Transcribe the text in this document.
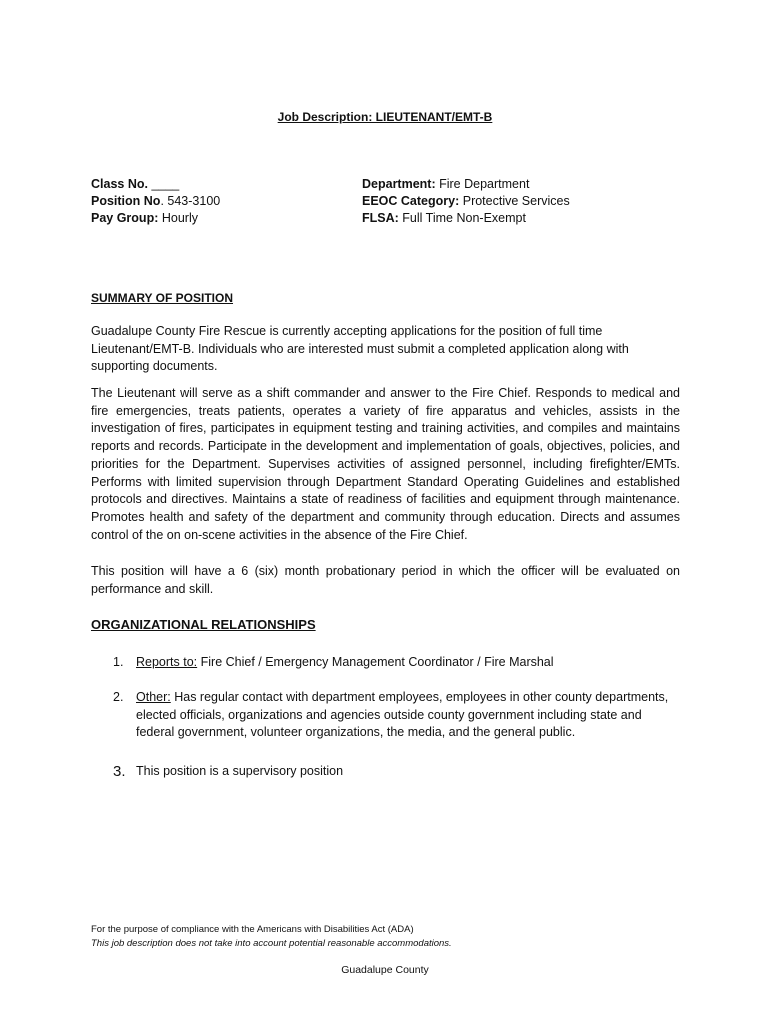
Job Description: LIEUTENANT/EMT-B
Class No. ____
Position No. 543-3100
Pay Group: Hourly
Department: Fire Department
EEOC Category: Protective Services
FLSA: Full Time Non-Exempt
SUMMARY OF POSITION
Guadalupe County Fire Rescue is currently accepting applications for the position of full time Lieutenant/EMT-B. Individuals who are interested must submit a completed application along with supporting documents.
The Lieutenant will serve as a shift commander and answer to the Fire Chief. Responds to medical and fire emergencies, treats patients, operates a variety of fire apparatus and vehicles, assists in the investigation of fires, participates in equipment testing and training activities, and compiles and maintains reports and records. Participate in the development and implementation of goals, objectives, policies, and priorities for the Department. Supervises activities of assigned personnel, including firefighter/EMTs. Performs with limited supervision through Department Standard Operating Guidelines and established protocols and directives. Maintains a state of readiness of facilities and equipment through maintenance. Promotes health and safety of the department and community through education. Directs and assumes control of the on on-scene activities in the absence of the Fire Chief.
This position will have a 6 (six) month probationary period in which the officer will be evaluated on performance and skill.
ORGANIZATIONAL RELATIONSHIPS
1. Reports to: Fire Chief / Emergency Management Coordinator / Fire Marshal
2. Other: Has regular contact with department employees, employees in other county departments, elected officials, organizations and agencies outside county government including state and federal government, volunteer organizations, the media, and the general public.
3. This position is a supervisory position
For the purpose of compliance with the Americans with Disabilities Act (ADA)
This job description does not take into account potential reasonable accommodations.
Guadalupe County
